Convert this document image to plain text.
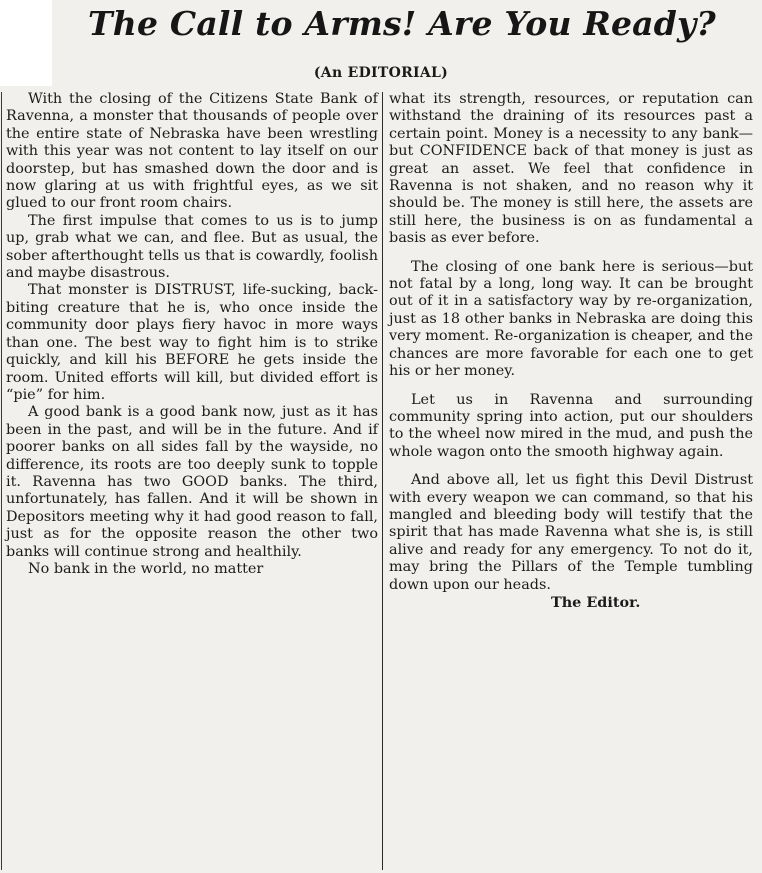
The Call to Arms! Are You Ready?
(An EDITORIAL)

With the closing of the Citizens State Bank of Ravenna, a monster that thousands of people over the entire state of Nebraska have been wrestling with this year was not content to lay itself on our doorstep, but has smashed down the door and is now glaring at us with frightful eyes, as we sit glued to our front room chairs.

The first impulse that comes to us is to jump up, grab what we can, and flee. But as usual, the sober afterthought tells us that is cowardly, foolish and maybe disastrous.

That monster is DISTRUST, life-sucking, back-biting creature that he is, who once inside the community door plays fiery havoc in more ways than one. The best way to fight him is to strike quickly, and kill his BEFORE he gets inside the room. United efforts will kill, but divided effort is “pie” for him.

A good bank is a good bank now, just as it has been in the past, and will be in the future. And if poorer banks on all sides fall by the wayside, no difference, its roots are too deeply sunk to topple it. Ravenna has two GOOD banks. The third, unfortunately, has fallen. And it will be shown in Depositors meeting why it had good reason to fall, just as for the opposite reason the other two banks will continue strong and healthily.

No bank in the world, no matter

what its strength, resources, or reputation can withstand the draining of its resources past a certain point. Money is a necessity to any bank—but CONFIDENCE back of that money is just as great an asset. We feel that confidence in Ravenna is not shaken, and no reason why it should be. The money is still here, the assets are still here, the business is on as fundamental a basis as ever before.

The closing of one bank here is serious—but not fatal by a long, long way. It can be brought out of it in a satisfactory way by re-organization, just as 18 other banks in Nebraska are doing this very moment. Re-organization is cheaper, and the chances are more favorable for each one to get his or her money.

Let us in Ravenna and surrounding community spring into action, put our shoulders to the wheel now mired in the mud, and push the whole wagon onto the smooth highway again.

And above all, let us fight this Devil Distrust with every weapon we can command, so that his mangled and bleeding body will testify that the spirit that has made Ravenna what she is, is still alive and ready for any emergency. To not do it, may bring the Pillars of the Temple tumbling down upon our heads.

The Editor.
